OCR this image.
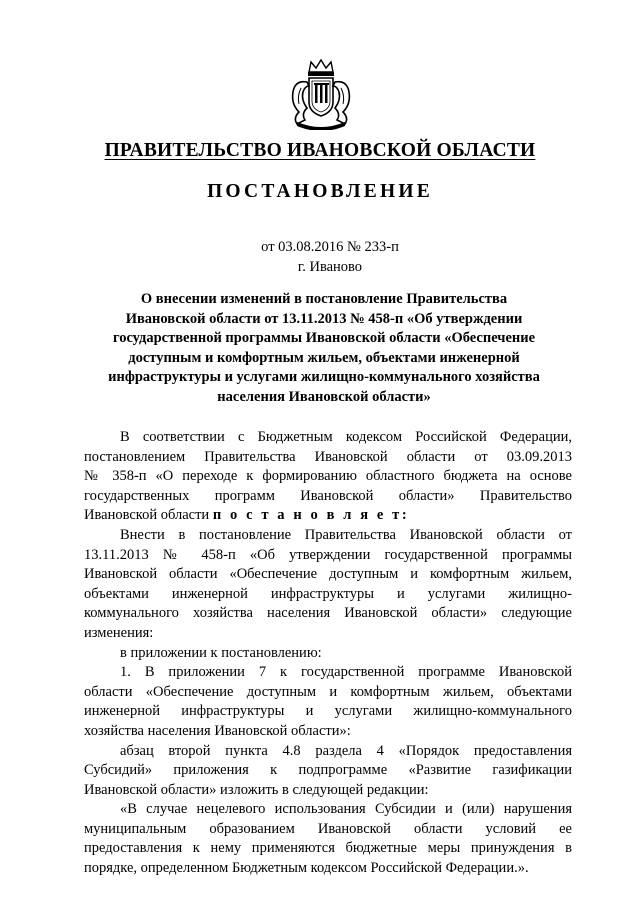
ПРАВИТЕЛЬСТВО ИВАНОВСКОЙ ОБЛАСТИ
ПОСТАНОВЛЕНИЕ
от 03.08.2016 № 233-п
г. Иваново
О внесении изменений в постановление Правительства
Ивановской области от 13.11.2013 № 458-п «Об утверждении
государственной программы Ивановской области «Обеспечение
доступным и комфортным жильем, объектами инженерной
инфраструктуры и услугами жилищно-коммунального хозяйства
населения Ивановской области»
В соответствии с Бюджетным кодексом Российской Федерации,
постановлением Правительства Ивановской области от 03.09.2013
№ 358-п «О переходе к формированию областного бюджета на основе
государственных программ Ивановской области» Правительство
Ивановской области п о с т а н о в л я е т:
Внести в постановление Правительства Ивановской области от
13.11.2013 № 458-п «Об утверждении государственной программы
Ивановской области «Обеспечение доступным и комфортным жильем,
объектами инженерной инфраструктуры и услугами жилищно-
коммунального хозяйства населения Ивановской области» следующие
изменения:
в приложении к постановлению:
1. В приложении 7 к государственной программе Ивановской
области «Обеспечение доступным и комфортным жильем, объектами
инженерной инфраструктуры и услугами жилищно-коммунального
хозяйства населения Ивановской области»:
абзац второй пункта 4.8 раздела 4 «Порядок предоставления
Субсидий» приложения к подпрограмме «Развитие газификации
Ивановской области» изложить в следующей редакции:
«В случае нецелевого использования Субсидии и (или) нарушения
муниципальным образованием Ивановской области условий ее
предоставления к нему применяются бюджетные меры принуждения в
порядке, определенном Бюджетным кодексом Российской Федерации.».
